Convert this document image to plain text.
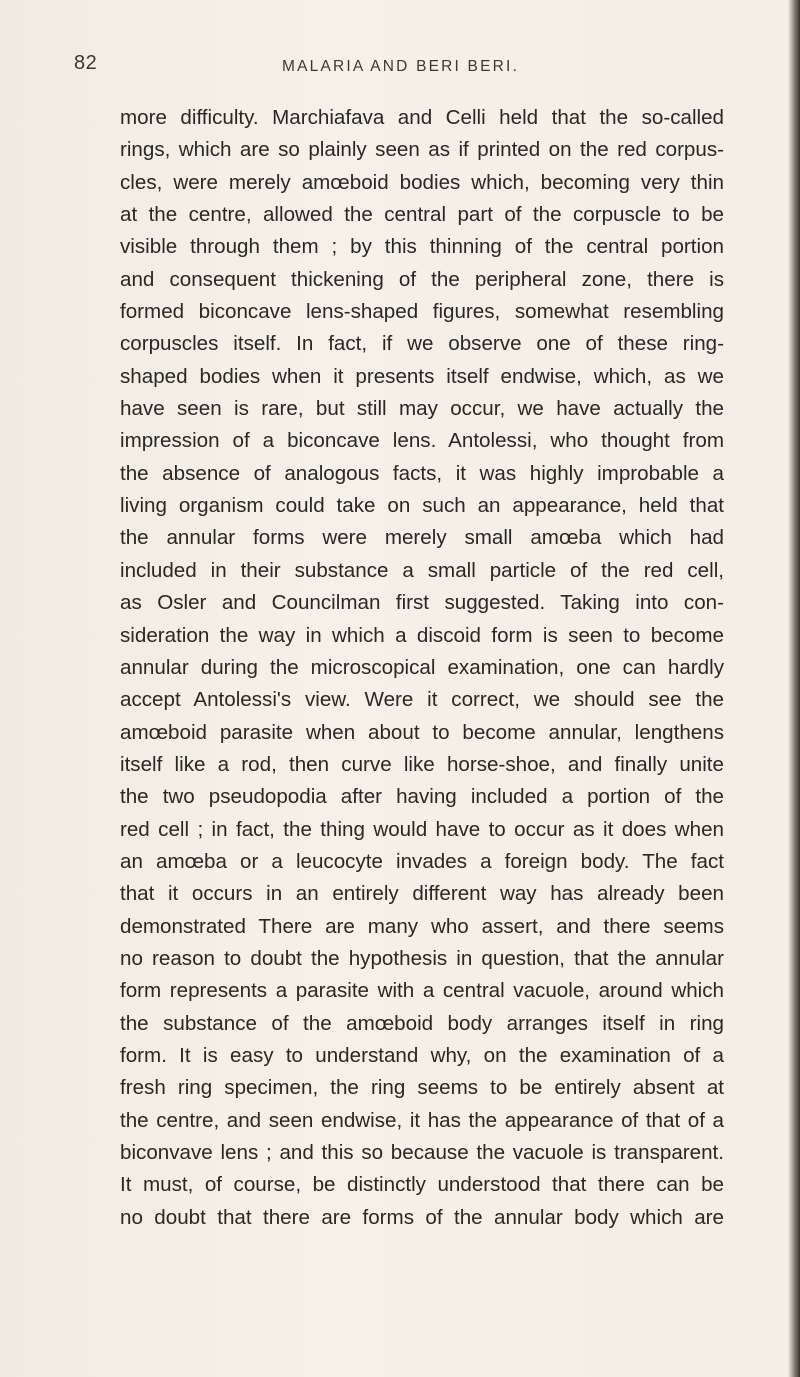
82	MALARIA AND BERI BERI.
more difficulty. Marchiafava and Celli held that the so-called
rings, which are so plainly seen as if printed on the red corpus-
cles, were merely amœboid bodies which, becoming very thin
at the centre, allowed the central part of the corpuscle to be
visible through them ; by this thinning of the central portion
and consequent thickening of the peripheral zone, there is
formed biconcave lens-shaped figures, somewhat resembling
corpuscles itself. In fact, if we observe one of these ring-
shaped bodies when it presents itself endwise, which, as we
have seen is rare, but still may occur, we have actually the
impression of a biconcave lens. Antolessi, who thought from
the absence of analogous facts, it was highly improbable a
living organism could take on such an appearance, held that
the annular forms were merely small amœba which had
included in their substance a small particle of the red cell,
as Osler and Councilman first suggested. Taking into con-
sideration the way in which a discoid form is seen to become
annular during the microscopical examination, one can hardly
accept Antolessi's view. Were it correct, we should see the
amœboid parasite when about to become annular, lengthens
itself like a rod, then curve like horse-shoe, and finally unite
the two pseudopodia after having included a portion of the
red cell ; in fact, the thing would have to occur as it does when
an amœba or a leucocyte invades a foreign body. The fact
that it occurs in an entirely different way has already been
demonstrated There are many who assert, and there seems
no reason to doubt the hypothesis in question, that the annular
form represents a parasite with a central vacuole, around which
the substance of the amœboid body arranges itself in ring
form. It is easy to understand why, on the examination of a
fresh ring specimen, the ring seems to be entirely absent at
the centre, and seen endwise, it has the appearance of that of a
biconvave lens ; and this so because the vacuole is transparent.
It must, of course, be distinctly understood that there can be
no doubt that there are forms of the annular body which are
